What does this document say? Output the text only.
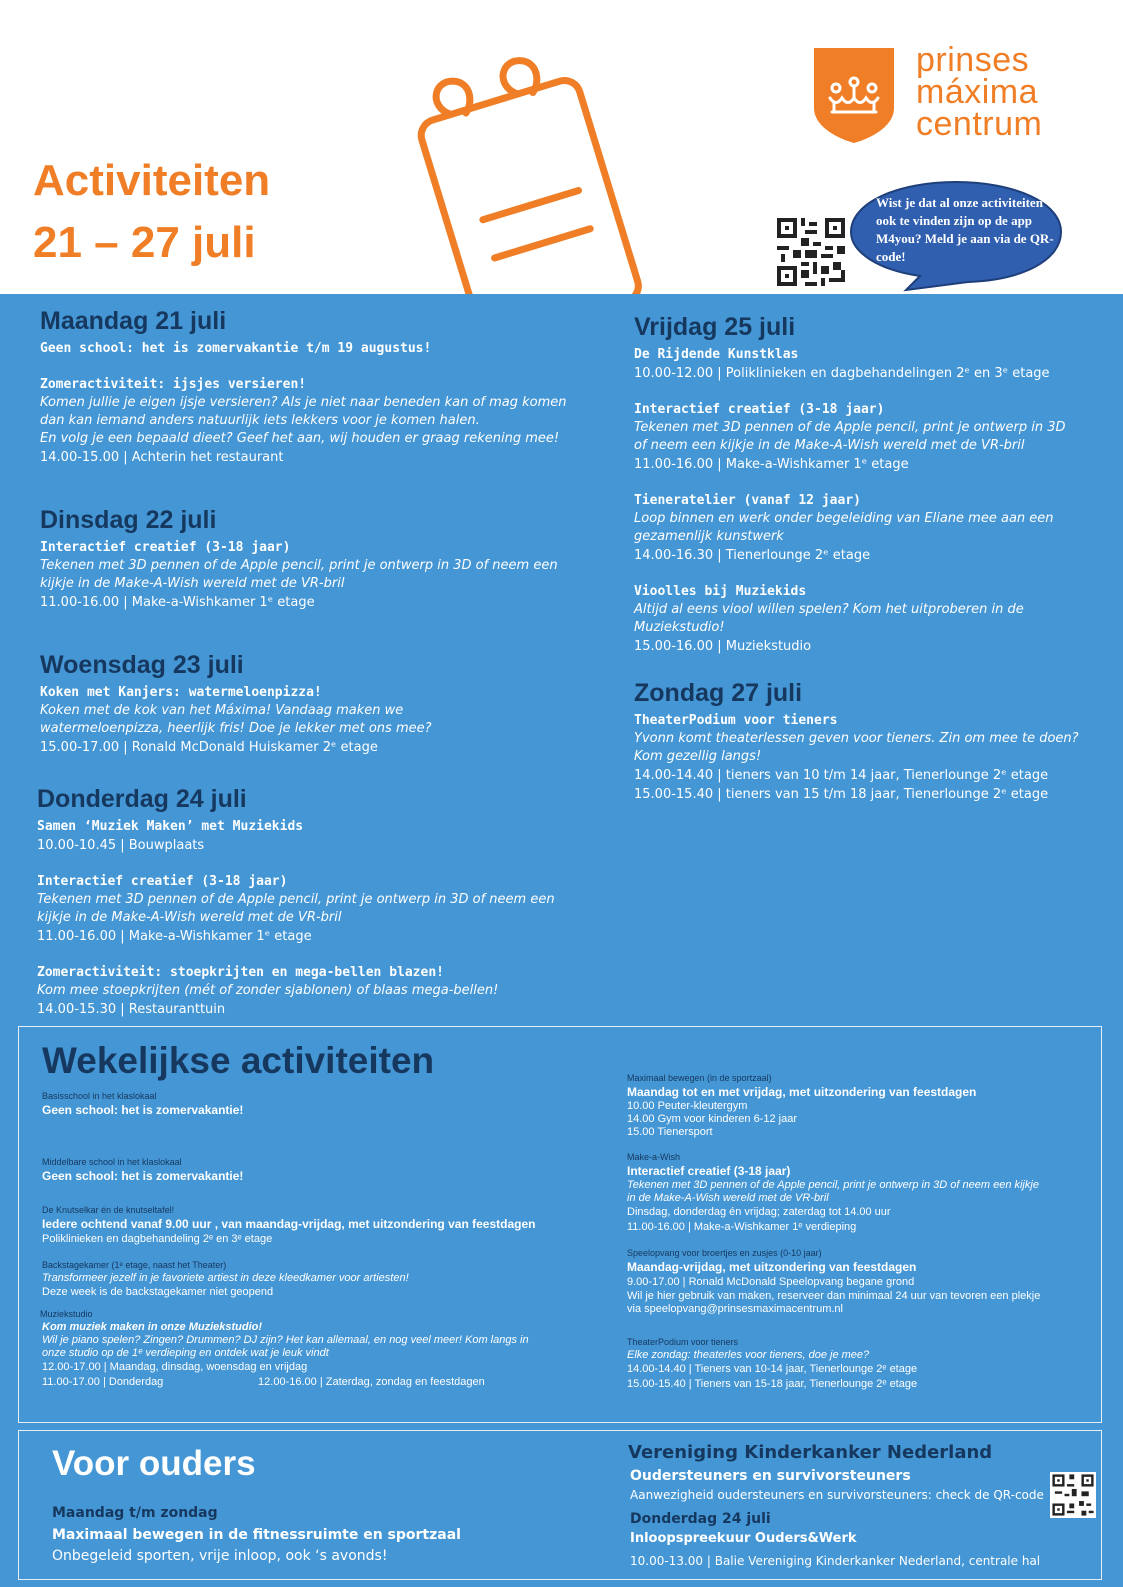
Activiteiten
21 – 27 juli
prinses
máxima
centrum
Wist je dat al onze activiteiten ook te vinden zijn op de app M4you? Meld je aan via de QR-code!
Maandag 21 juli
Geen school: het is zomervakantie t/m 19 augustus!
Zomeractiviteit: ijsjes versieren!
Komen jullie je eigen ijsje versieren? Als je niet naar beneden kan of mag komen
dan kan iemand anders natuurlijk iets lekkers voor je komen halen.
En volg je een bepaald dieet? Geef het aan, wij houden er graag rekening mee!
14.00-15.00 | Achterin het restaurant
Dinsdag 22 juli
Interactief creatief (3-18 jaar)
Tekenen met 3D pennen of de Apple pencil, print je ontwerp in 3D of neem een
kijkje in de Make-A-Wish wereld met de VR-bril
11.00-16.00 | Make-a-Wishkamer 1ᵉ etage
Woensdag 23 juli
Koken met Kanjers: watermeloenpizza!
Koken met de kok van het Máxima! Vandaag maken we
watermeloenpizza, heerlijk fris! Doe je lekker met ons mee?
15.00-17.00 | Ronald McDonald Huiskamer 2ᵉ etage
Donderdag 24 juli
Samen ‘Muziek Maken’ met Muziekids
10.00-10.45 | Bouwplaats
Interactief creatief (3-18 jaar)
Tekenen met 3D pennen of de Apple pencil, print je ontwerp in 3D of neem een
kijkje in de Make-A-Wish wereld met de VR-bril
11.00-16.00 | Make-a-Wishkamer 1ᵉ etage
Zomeractiviteit: stoepkrijten en mega-bellen blazen!
Kom mee stoepkrijten (mét of zonder sjablonen) of blaas mega-bellen!
14.00-15.30 | Restauranttuin
Vrijdag 25 juli
De Rijdende Kunstklas
10.00-12.00 | Poliklinieken en dagbehandelingen 2ᵉ en 3ᵉ etage
Interactief creatief (3-18 jaar)
Tekenen met 3D pennen of de Apple pencil, print je ontwerp in 3D
of neem een kijkje in de Make-A-Wish wereld met de VR-bril
11.00-16.00 | Make-a-Wishkamer 1ᵉ etage
Tieneratelier (vanaf 12 jaar)
Loop binnen en werk onder begeleiding van Eliane mee aan een
gezamenlijk kunstwerk
14.00-16.30 | Tienerlounge 2ᵉ etage
Vioolles bij Muziekids
Altijd al eens viool willen spelen? Kom het uitproberen in de
Muziekstudio!
15.00-16.00 | Muziekstudio
Zondag 27 juli
TheaterPodium voor tieners
Yvonn komt theaterlessen geven voor tieners. Zin om mee te doen?
Kom gezellig langs!
14.00-14.40 | tieners van 10 t/m 14 jaar, Tienerlounge 2ᵉ etage
15.00-15.40 | tieners van 15 t/m 18 jaar, Tienerlounge 2ᵉ etage
Wekelijkse activiteiten
Basisschool in het klaslokaal
Geen school: het is zomervakantie!
Middelbare school in het klaslokaal
Geen school: het is zomervakantie!
De Knutselkar én de knutseltafel!
Iedere ochtend vanaf 9.00 uur , van maandag-vrijdag, met uitzondering van feestdagen
Poliklinieken en dagbehandeling 2ᵉ en 3ᵉ etage
Backstagekamer (1ᵉ etage, naast het Theater)
Transformeer jezelf in je favoriete artiest in deze kleedkamer voor artiesten!
Deze week is de backstagekamer niet geopend
Muziekstudio
Kom muziek maken in onze Muziekstudio!
Wil je piano spelen? Zingen? Drummen? DJ zijn? Het kan allemaal, en nog veel meer! Kom langs in
onze studio op de 1ᵉ verdieping en ontdek wat je leuk vindt
12.00-17.00 | Maandag, dinsdag, woensdag en vrijdag
11.00-17.00 | Donderdag                               12.00-16.00 | Zaterdag, zondag en feestdagen
Maximaal bewegen (in de sportzaal)
Maandag tot en met vrijdag, met uitzondering van feestdagen
10.00 Peuter-kleutergym
14.00 Gym voor kinderen 6-12 jaar
15.00 Tienersport
Make-a-Wish
Interactief creatief (3-18 jaar)
Tekenen met 3D pennen of de Apple pencil, print je ontwerp in 3D of neem een kijkje
in de Make-A-Wish wereld met de VR-bril
Dinsdag, donderdag én vrijdag; zaterdag tot 14.00 uur
11.00-16.00 | Make-a-Wishkamer 1ᵉ verdieping
Speelopvang voor broertjes en zusjes (0-10 jaar)
Maandag-vrijdag, met uitzondering van feestdagen
9.00-17.00 | Ronald McDonald Speelopvang begane grond
Wil je hier gebruik van maken, reserveer dan minimaal 24 uur van tevoren een plekje
via speelopvang@prinsesmaximacentrum.nl
TheaterPodium voor tieners
Elke zondag: theaterles voor tieners, doe je mee?
14.00-14.40 | Tieners van 10-14 jaar, Tienerlounge 2ᵉ etage
15.00-15.40 | Tieners van 15-18 jaar, Tienerlounge 2ᵉ etage
Voor ouders
Maandag t/m zondag
Maximaal bewegen in de fitnessruimte en sportzaal
Onbegeleid sporten, vrije inloop, ook ‘s avonds!
Vereniging Kinderkanker Nederland
Oudersteuners en survivorsteuners
Aanwezigheid oudersteuners en survivorsteuners: check de QR-code
Donderdag 24 juli
Inloopspreekuur Ouders&Werk
10.00-13.00 | Balie Vereniging Kinderkanker Nederland, centrale hal
